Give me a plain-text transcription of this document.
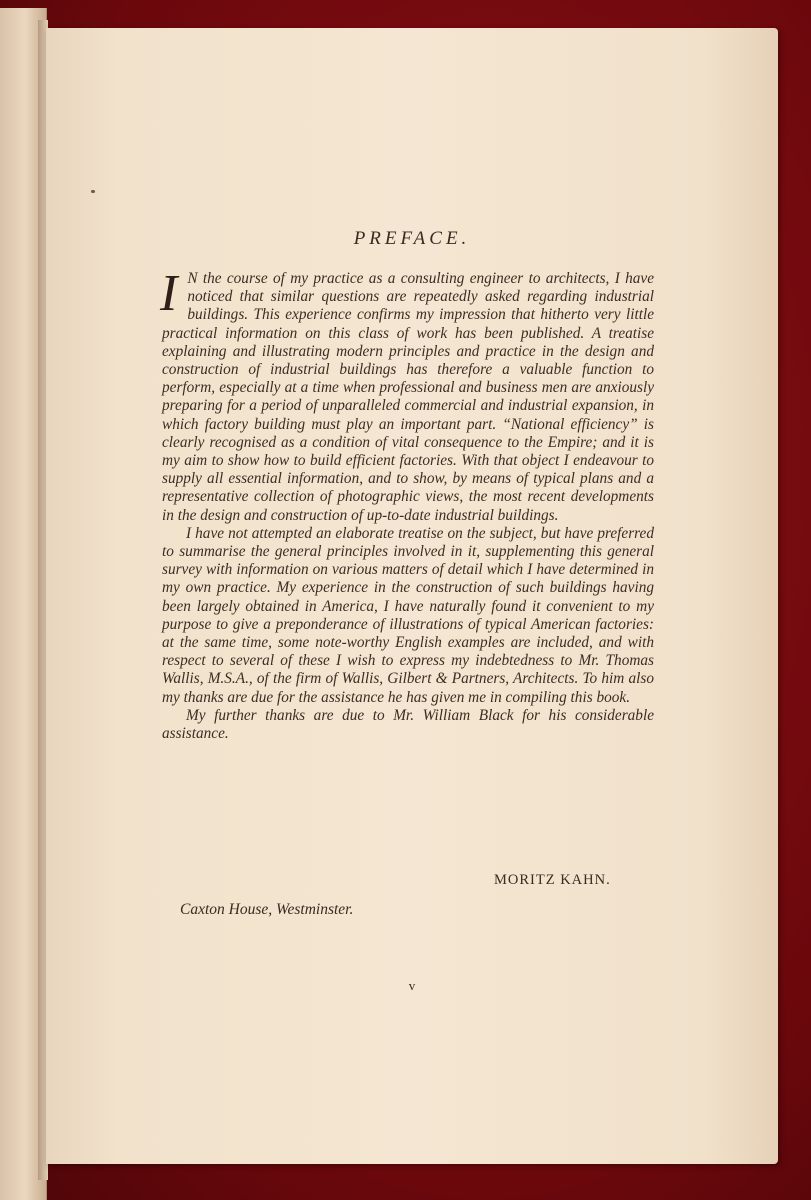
PREFACE.

I N the course of my practice as a consulting engineer to architects, I have noticed that similar questions are repeatedly asked regarding industrial buildings. This experience confirms my impression that hitherto very little practical information on this class of work has been published. A treatise explaining and illustrating modern principles and practice in the design and construction of industrial buildings has therefore a valuable function to perform, especially at a time when professional and business men are anxiously preparing for a period of unparalleled commercial and industrial expansion, in which factory building must play an important part. “National efficiency” is clearly recognised as a condition of vital consequence to the Empire; and it is my aim to show how to build efficient factories. With that object I endeavour to supply all essential information, and to show, by means of typical plans and a representative collection of photographic views, the most recent developments in the design and construction of up-to-date industrial buildings.

I have not attempted an elaborate treatise on the subject, but have preferred to summarise the general principles involved in it, supplementing this general survey with information on various matters of detail which I have determined in my own practice. My experience in the construction of such buildings having been largely obtained in America, I have naturally found it convenient to my purpose to give a preponderance of illustrations of typical American factories: at the same time, some note-worthy English examples are included, and with respect to several of these I wish to express my indebtedness to Mr. Thomas Wallis, M.S.A., of the firm of Wallis, Gilbert & Partners, Architects. To him also my thanks are due for the assistance he has given me in compiling this book.

My further thanks are due to Mr. William Black for his considerable assistance.

MORITZ KAHN.
Caxton House, Westminster.
v
